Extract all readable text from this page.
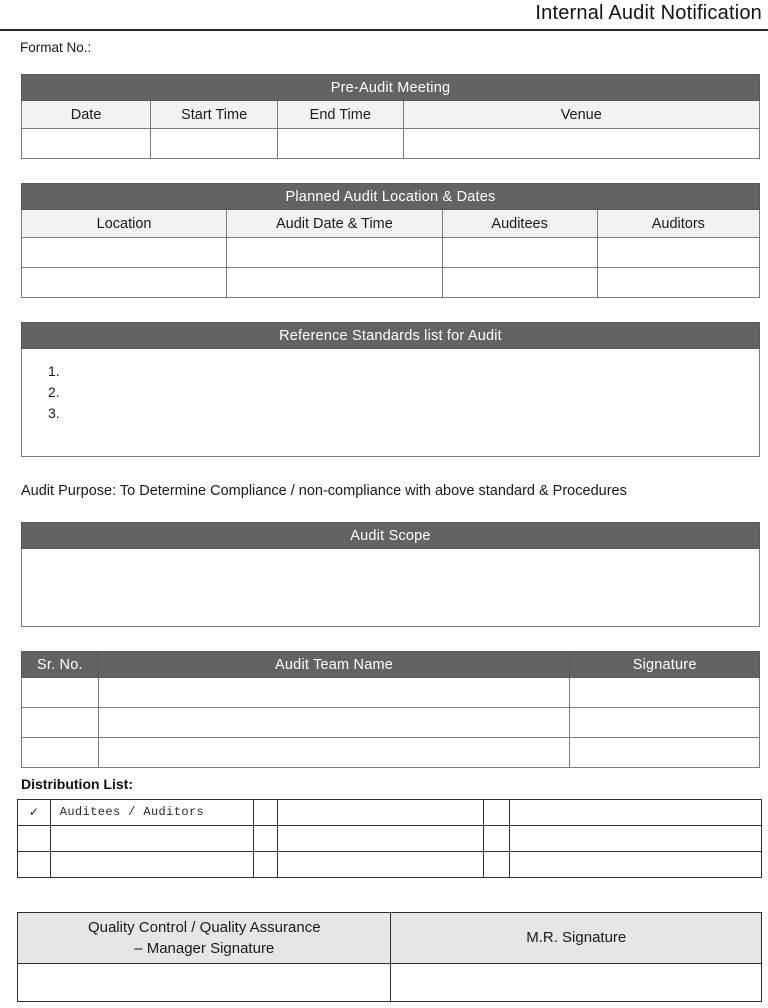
Internal Audit Notification
Format No.:
Pre-Audit Meeting			
Date	Start Time	End Time	Venue

Planned Audit Location & Dates			
Location	Audit Date & Time	Auditees	Auditors

Reference Standards list for Audit

1.
2.
3.
Audit Purpose: To Determine Compliance / non-compliance with above standard & Procedures
Audit Scope

Sr. No.	Audit Team Name	Signature

Distribution List:
✓	Auditees / Auditors				

Quality Control / Quality Assurance
– Manager Signature	M.R. Signature
